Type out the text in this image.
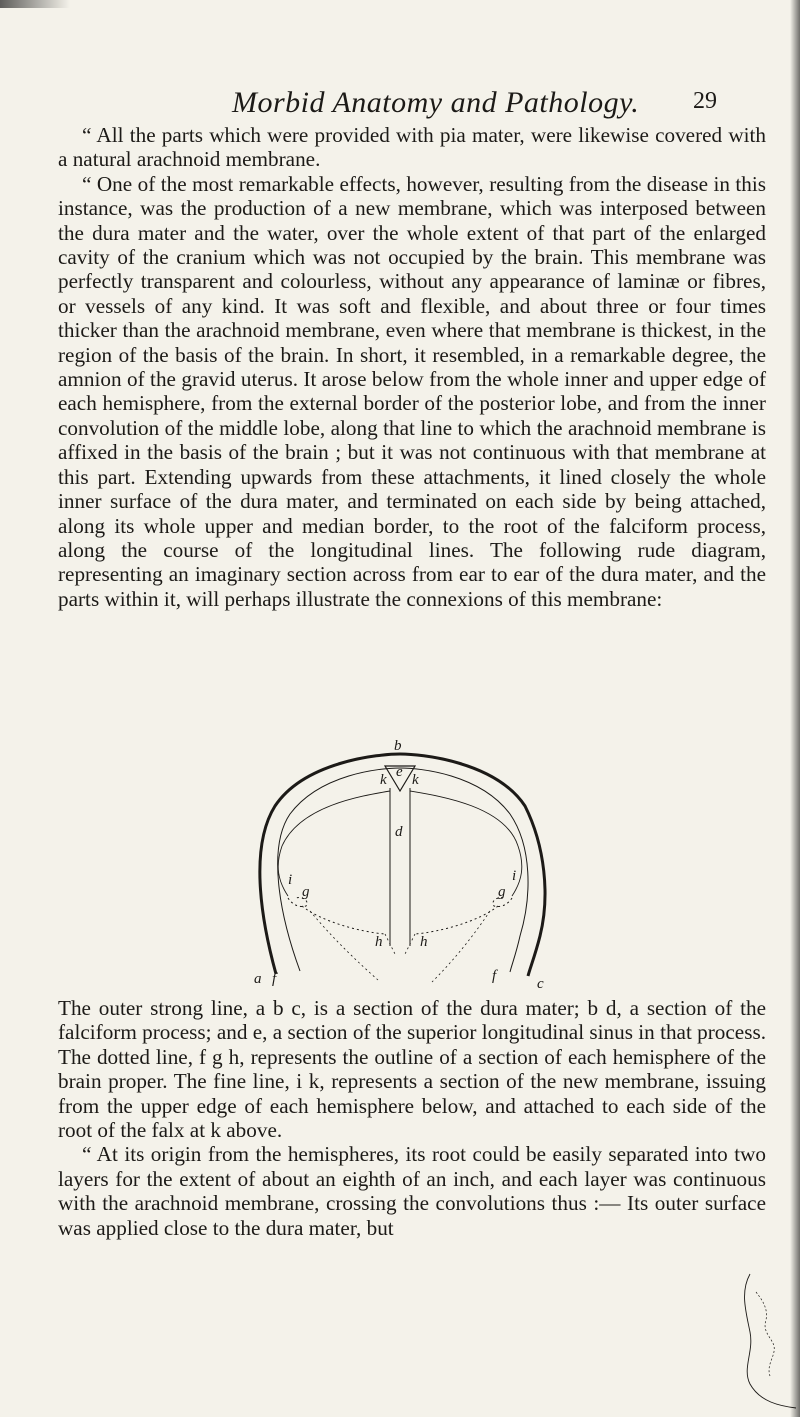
Morbid Anatomy and Pathology. 29

“ All the parts which were provided with pia mater, were likewise covered with a natural arachnoid membrane.

“ One of the most remarkable effects, however, resulting from the disease in this instance, was the production of a new membrane, which was interposed between the dura mater and the water, over the whole extent of that part of the enlarged cavity of the cranium which was not occupied by the brain. This membrane was perfectly transparent and colourless, without any appearance of laminæ or fibres, or vessels of any kind. It was soft and flexible, and about three or four times thicker than the arachnoid membrane, even where that membrane is thickest, in the region of the basis of the brain. In short, it resembled, in a remarkable degree, the amnion of the gravid uterus. It arose below from the whole inner and upper edge of each hemisphere, from the external border of the posterior lobe, and from the inner convolution of the middle lobe, along that line to which the arachnoid membrane is affixed in the basis of the brain ; but it was not continuous with that membrane at this part. Extending upwards from these attachments, it lined closely the whole inner surface of the dura mater, and terminated on each side by being attached, along its whole upper and median border, to the root of the falciform process, along the course of the longitudinal lines. The following rude diagram, representing an imaginary section across from ear to ear of the dura mater, and the parts within it, will perhaps illustrate the connexions of this membrane:

b
e
k k
d
i	i
g	g
h	h
a f	f	c

The outer strong line, a b c, is a section of the dura mater; b d, a section of the falciform process; and e, a section of the superior longitudinal sinus in that process. The dotted line, f g h, represents the outline of a section of each hemisphere of the brain proper. The fine line, i k, represents a section of the new membrane, issuing from the upper edge of each hemisphere below, and attached to each side of the root of the falx at k above.

“ At its origin from the hemispheres, its root could be easily separated into two layers for the extent of about an eighth of an inch, and each layer was continuous with the arachnoid membrane, crossing the convolutions thus :— Its outer surface was applied close to the dura mater, but
